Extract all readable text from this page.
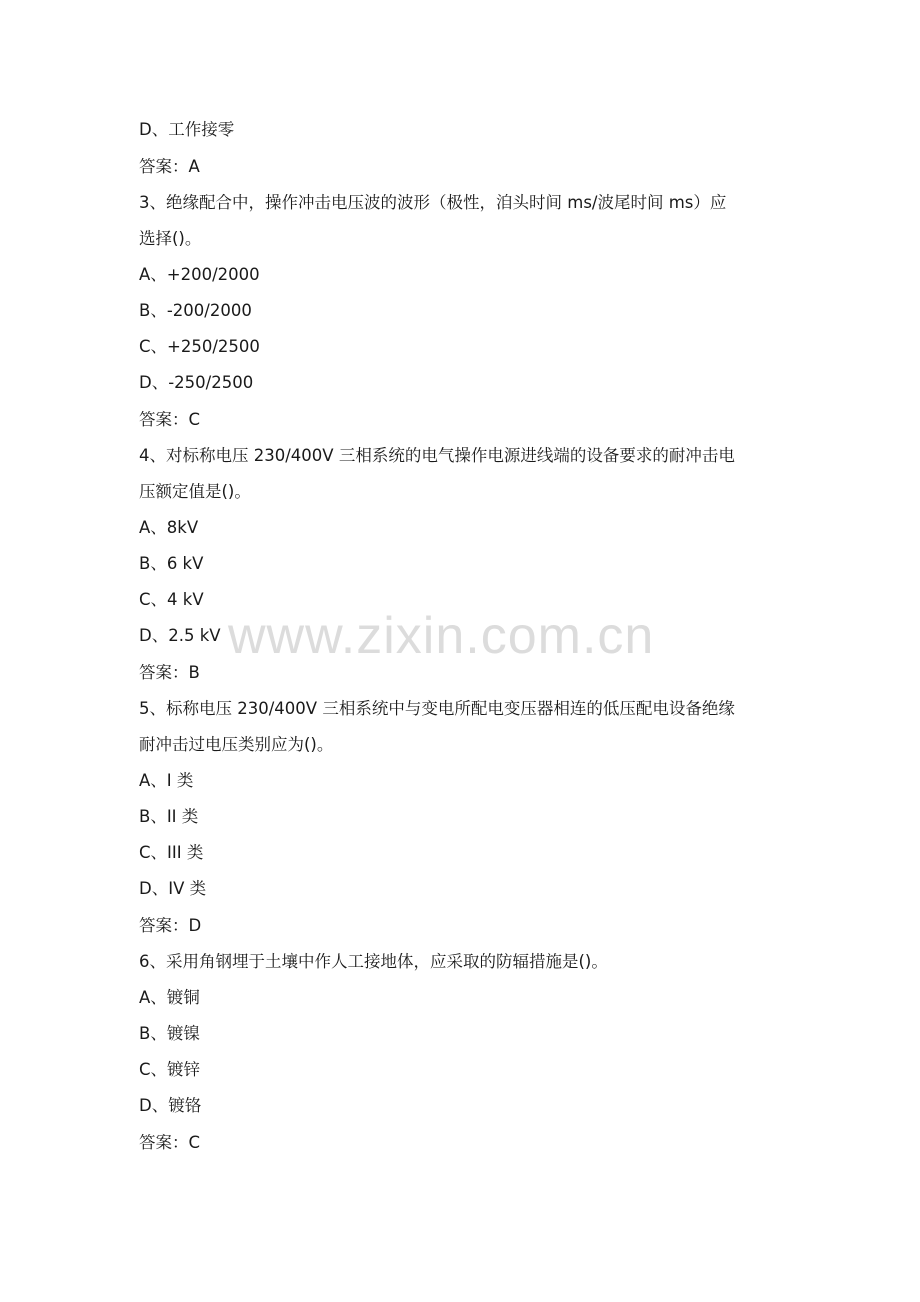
D、工作接零
答案：A
3、绝缘配合中，操作冲击电压波的波形（极性，洎头时间 ms/波尾时间 ms）应
选择()。
A、+200/2000
B、-200/2000
C、+250/2500
D、-250/2500
答案：C
4、对标称电压 230/400V 三相系统的电气操作电源进线端的设备要求的耐冲击电
压额定值是()。
A、8kV
B、6 kV
C、4 kV
D、2.5 kV
答案：B
5、标称电压 230/400V 三相系统中与变电所配电变压器相连的低压配电设备绝缘
耐冲击过电压类别应为()。
A、I 类
B、II 类
C、III 类
D、IV 类
答案：D
6、采用角钢埋于土壤中作人工接地体，应采取的防辐措施是()。
A、镀铜
B、镀镍
C、镀锌
D、镀铬
答案：C
www.zixin.com.cn
